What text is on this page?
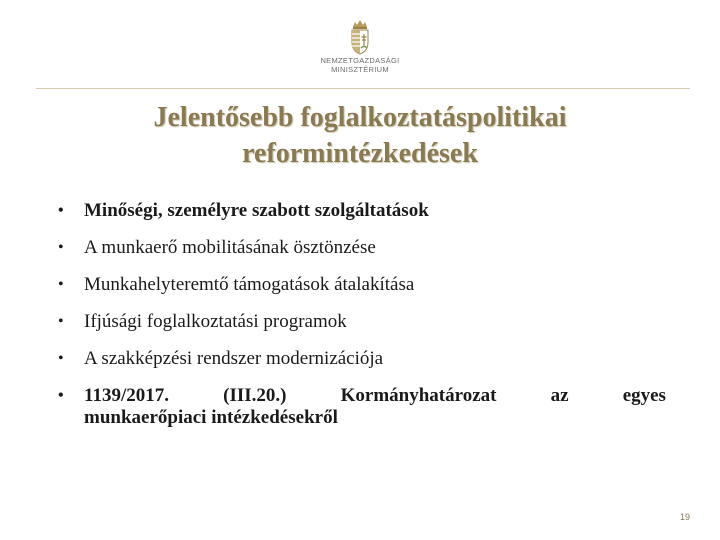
NEMZETGAZDASÁGI
MINISZTÉRIUM
Jelentősebb foglalkoztatáspolitikai
reformintézkedések
• Minőségi, személyre szabott szolgáltatások
• A munkaerő mobilitásának ösztönzése
• Munkahelyteremtő támogatások átalakítása
• Ifjúsági foglalkoztatási programok
• A szakképzési rendszer modernizációja
• 1139/2017.	(III.20.)	Kormányhatározat	az	egyes
munkaerőpiaci intézkedésekről
19
